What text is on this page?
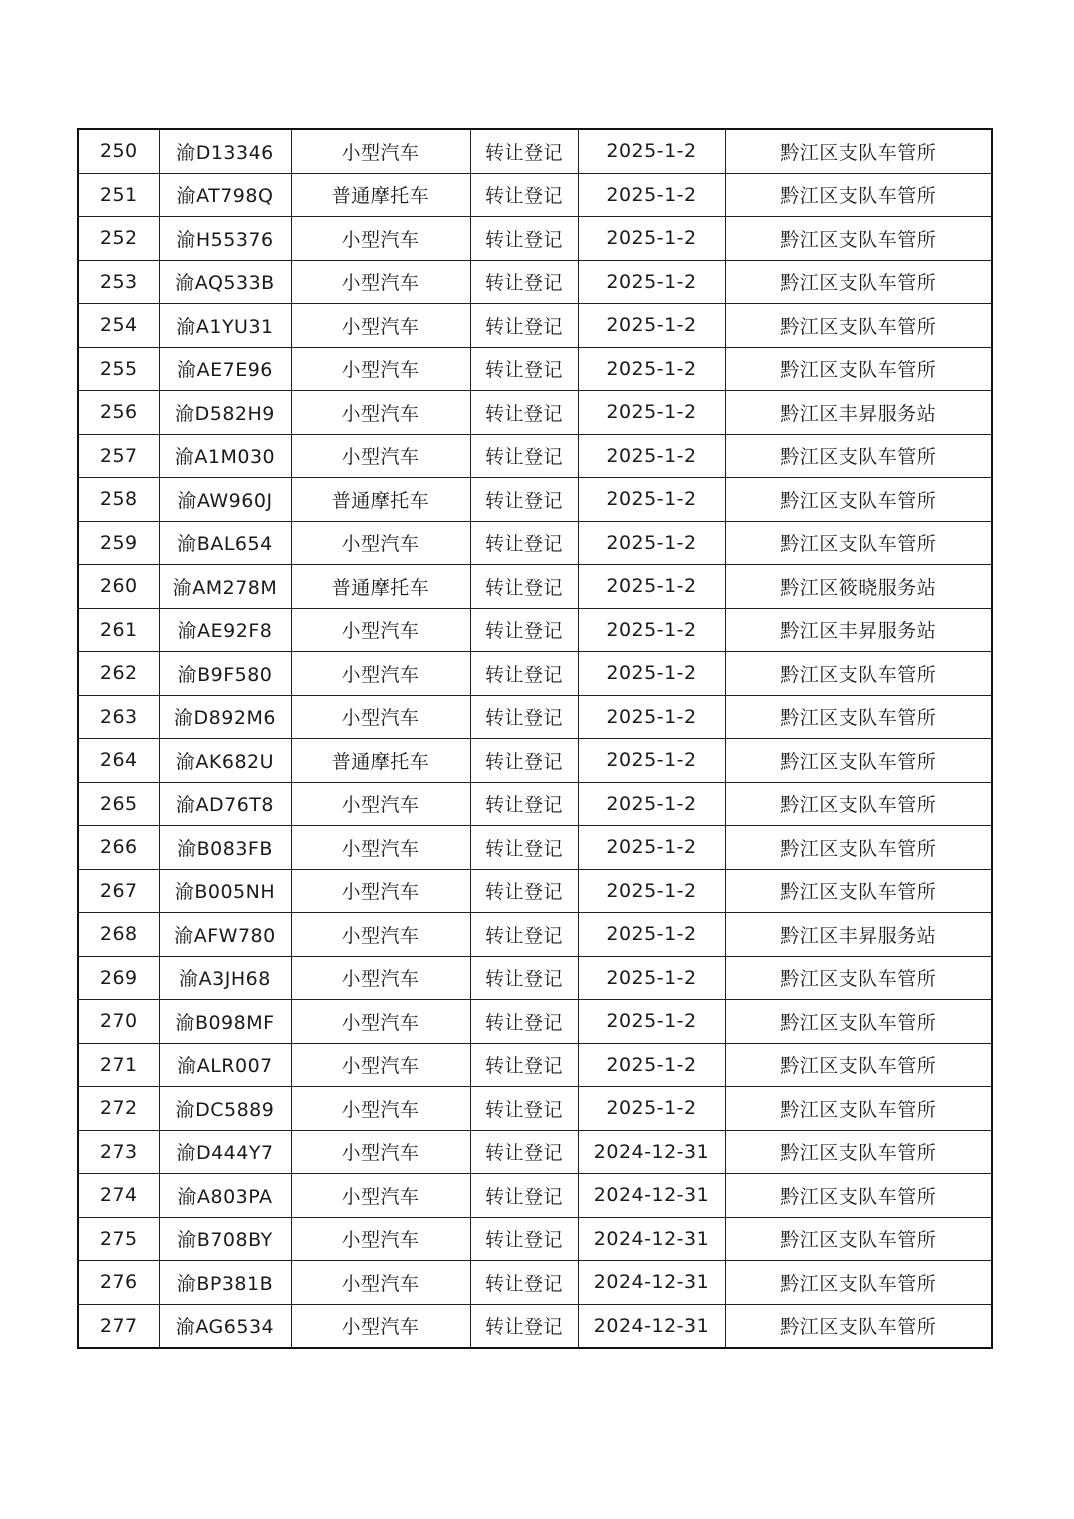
250	渝D13346	小型汽车	转让登记	2025-1-2	黔江区支队车管所
251	渝AT798Q	普通摩托车	转让登记	2025-1-2	黔江区支队车管所
252	渝H55376	小型汽车	转让登记	2025-1-2	黔江区支队车管所
253	渝AQ533B	小型汽车	转让登记	2025-1-2	黔江区支队车管所
254	渝A1YU31	小型汽车	转让登记	2025-1-2	黔江区支队车管所
255	渝AE7E96	小型汽车	转让登记	2025-1-2	黔江区支队车管所
256	渝D582H9	小型汽车	转让登记	2025-1-2	黔江区丰昇服务站
257	渝A1M030	小型汽车	转让登记	2025-1-2	黔江区支队车管所
258	渝AW960J	普通摩托车	转让登记	2025-1-2	黔江区支队车管所
259	渝BAL654	小型汽车	转让登记	2025-1-2	黔江区支队车管所
260	渝AM278M	普通摩托车	转让登记	2025-1-2	黔江区筱晓服务站
261	渝AE92F8	小型汽车	转让登记	2025-1-2	黔江区丰昇服务站
262	渝B9F580	小型汽车	转让登记	2025-1-2	黔江区支队车管所
263	渝D892M6	小型汽车	转让登记	2025-1-2	黔江区支队车管所
264	渝AK682U	普通摩托车	转让登记	2025-1-2	黔江区支队车管所
265	渝AD76T8	小型汽车	转让登记	2025-1-2	黔江区支队车管所
266	渝B083FB	小型汽车	转让登记	2025-1-2	黔江区支队车管所
267	渝B005NH	小型汽车	转让登记	2025-1-2	黔江区支队车管所
268	渝AFW780	小型汽车	转让登记	2025-1-2	黔江区丰昇服务站
269	渝A3JH68	小型汽车	转让登记	2025-1-2	黔江区支队车管所
270	渝B098MF	小型汽车	转让登记	2025-1-2	黔江区支队车管所
271	渝ALR007	小型汽车	转让登记	2025-1-2	黔江区支队车管所
272	渝DC5889	小型汽车	转让登记	2025-1-2	黔江区支队车管所
273	渝D444Y7	小型汽车	转让登记	2024-12-31	黔江区支队车管所
274	渝A803PA	小型汽车	转让登记	2024-12-31	黔江区支队车管所
275	渝B708BY	小型汽车	转让登记	2024-12-31	黔江区支队车管所
276	渝BP381B	小型汽车	转让登记	2024-12-31	黔江区支队车管所
277	渝AG6534	小型汽车	转让登记	2024-12-31	黔江区支队车管所
